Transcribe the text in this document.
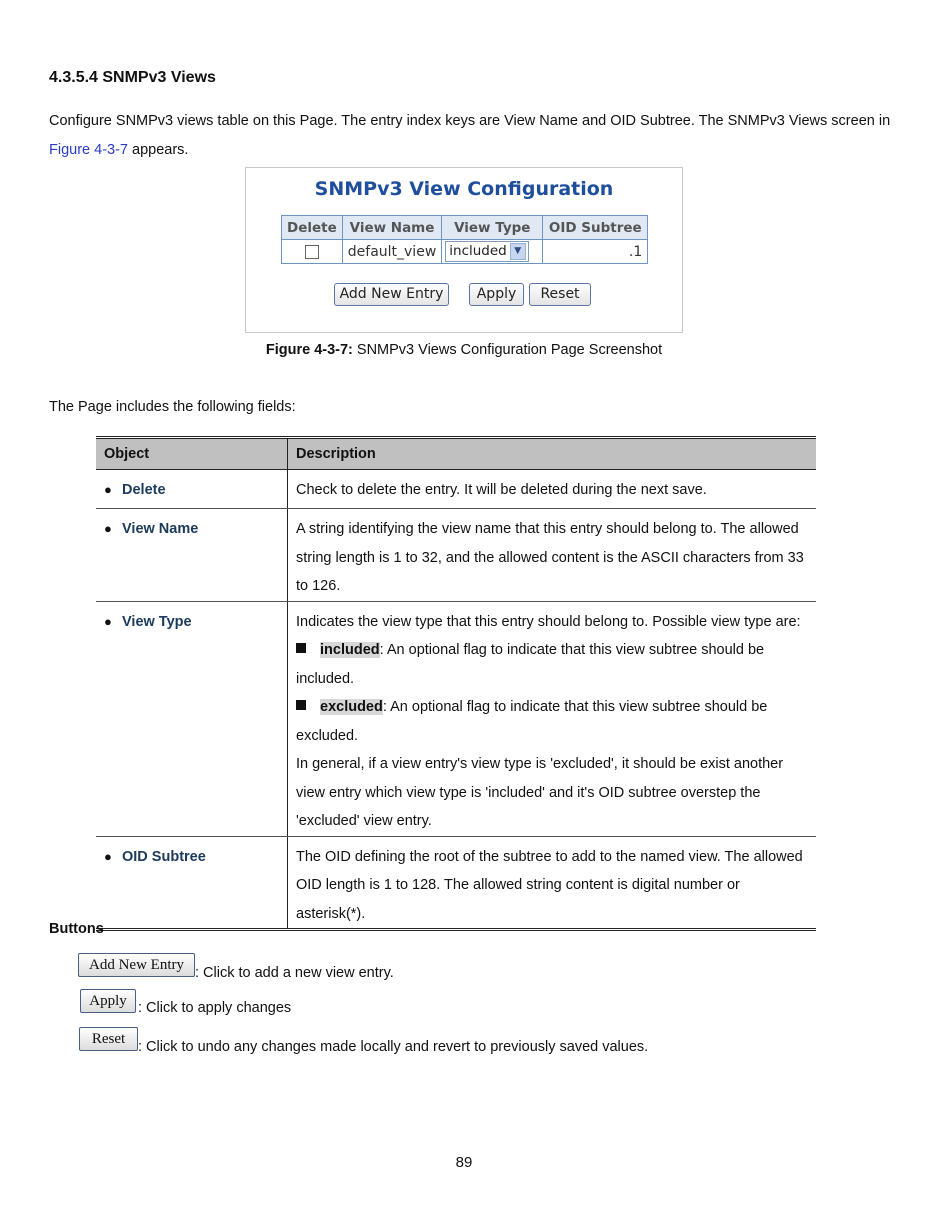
4.3.5.4 SNMPv3 Views
Configure SNMPv3 views table on this Page. The entry index keys are View Name and OID Subtree. The SNMPv3 Views screen in
Figure 4-3-7 appears.
SNMPv3 View Configuration
Delete	View Name	View Type	OID Subtree
	default_view	included ▼	.1
Add New Entry	Apply	Reset
Figure 4-3-7: SNMPv3 Views Configuration Page Screenshot
The Page includes the following fields:
Object	Description
● Delete	Check to delete the entry. It will be deleted during the next save.
● View Name	A string identifying the view name that this entry should belong to. The allowed string length is 1 to 32, and the allowed content is the ASCII characters from 33 to 126.
● View Type	Indicates the view type that this entry should belong to. Possible view type are:
included: An optional flag to indicate that this view subtree should be included.
excluded: An optional flag to indicate that this view subtree should be excluded.
In general, if a view entry's view type is 'excluded', it should be exist another view entry which view type is 'included' and it's OID subtree overstep the 'excluded' view entry.

● OID Subtree	The OID defining the root of the subtree to add to the named view. The allowed OID length is 1 to 128. The allowed string content is digital number or asterisk(*).
Buttons
Add New Entry : Click to add a new view entry.
Apply : Click to apply changes
Reset : Click to undo any changes made locally and revert to previously saved values.
89
